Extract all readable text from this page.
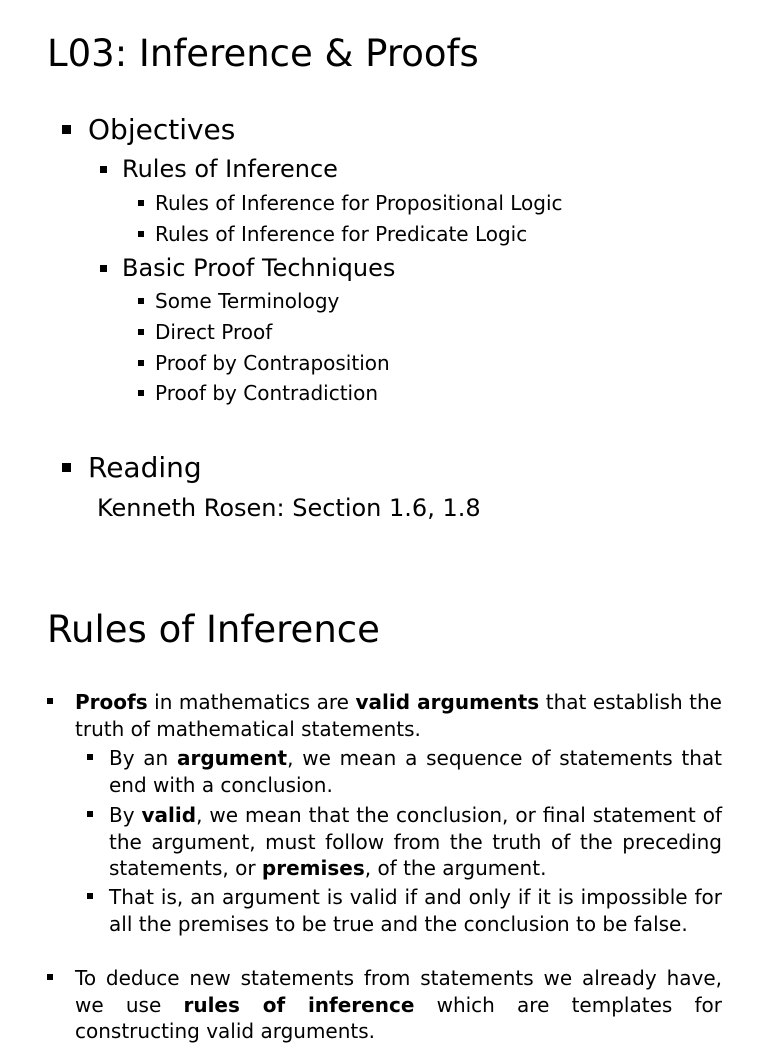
L03: Inference & Proofs
Objectives
Rules of Inference
Rules of Inference for Propositional Logic
Rules of Inference for Predicate Logic
Basic Proof Techniques
Some Terminology
Direct Proof
Proof by Contraposition
Proof by Contradiction
Reading
Kenneth Rosen: Section 1.6, 1.8
Rules of Inference
Proofs in mathematics are valid arguments that establish the truth of mathematical statements.
By an argument, we mean a sequence of statements that end with a conclusion.
By valid, we mean that the conclusion, or final statement of the argument, must follow from the truth of the preceding statements, or premises, of the argument.
That is, an argument is valid if and only if it is impossible for all the premises to be true and the conclusion to be false.
To deduce new statements from statements we already have, we use rules of inference which are templates for constructing valid arguments.
